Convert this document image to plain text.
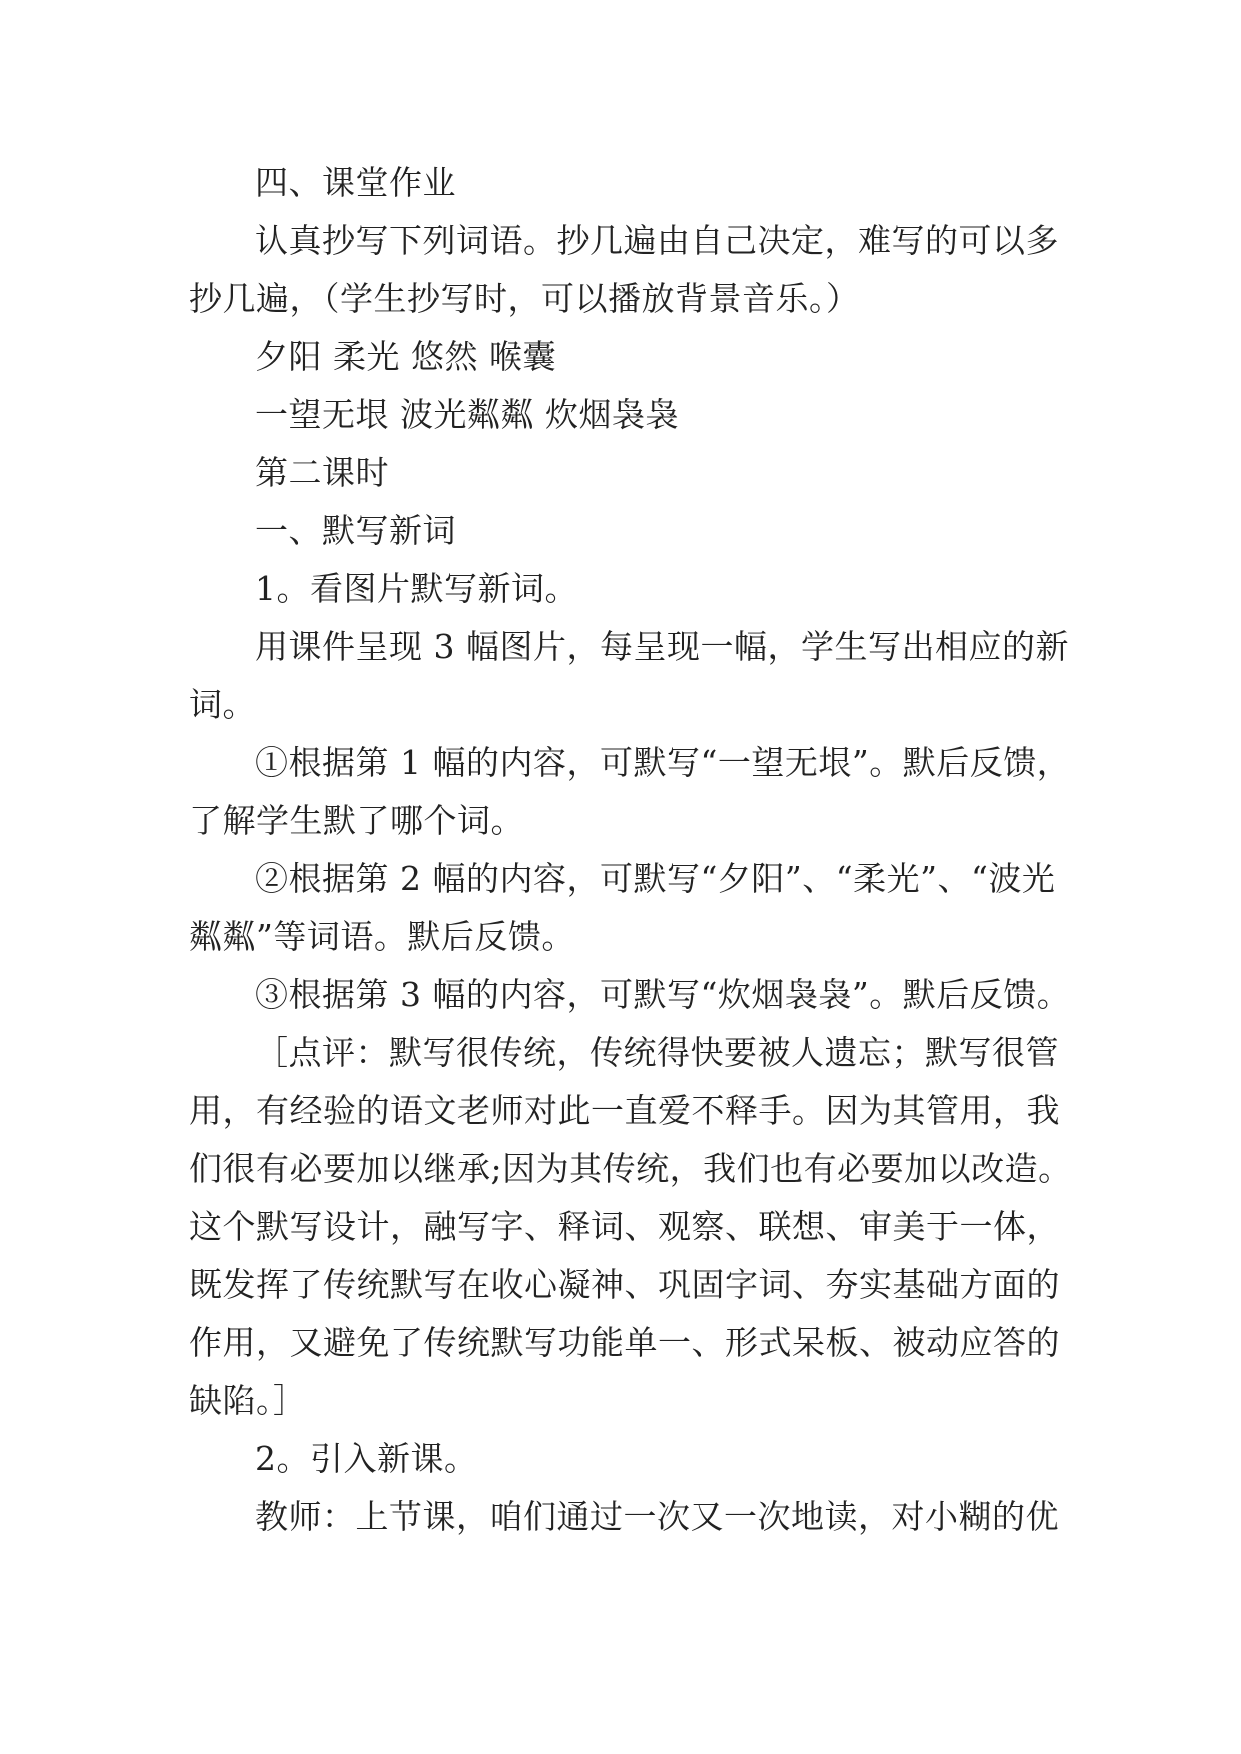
四、课堂作业
认真抄写下列词语。抄几遍由自己决定，难写的可以多
抄几遍，（学生抄写时，可以播放背景音乐。）
夕阳 柔光 悠然 喉囊
一望无垠 波光粼粼 炊烟袅袅
第二课时
一、默写新词
1。看图片默写新词。
用课件呈现 3 幅图片，每呈现一幅，学生写出相应的新
词。
①根据第 1 幅的内容，可默写“一望无垠”。默后反馈，
了解学生默了哪个词。
②根据第 2 幅的内容，可默写“夕阳”、“柔光”、“波光
粼粼”等词语。默后反馈。
③根据第 3 幅的内容，可默写“炊烟袅袅”。默后反馈。
［点评：默写很传统，传统得快要被人遗忘；默写很管
用，有经验的语文老师对此一直爱不释手。因为其管用，我
们很有必要加以继承;因为其传统，我们也有必要加以改造。
这个默写设计，融写字、释词、观察、联想、审美于一体，
既发挥了传统默写在收心凝神、巩固字词、夯实基础方面的
作用，又避免了传统默写功能单一、形式呆板、被动应答的
缺陷。］
2。引入新课。
教师：上节课，咱们通过一次又一次地读，对小糊的优
